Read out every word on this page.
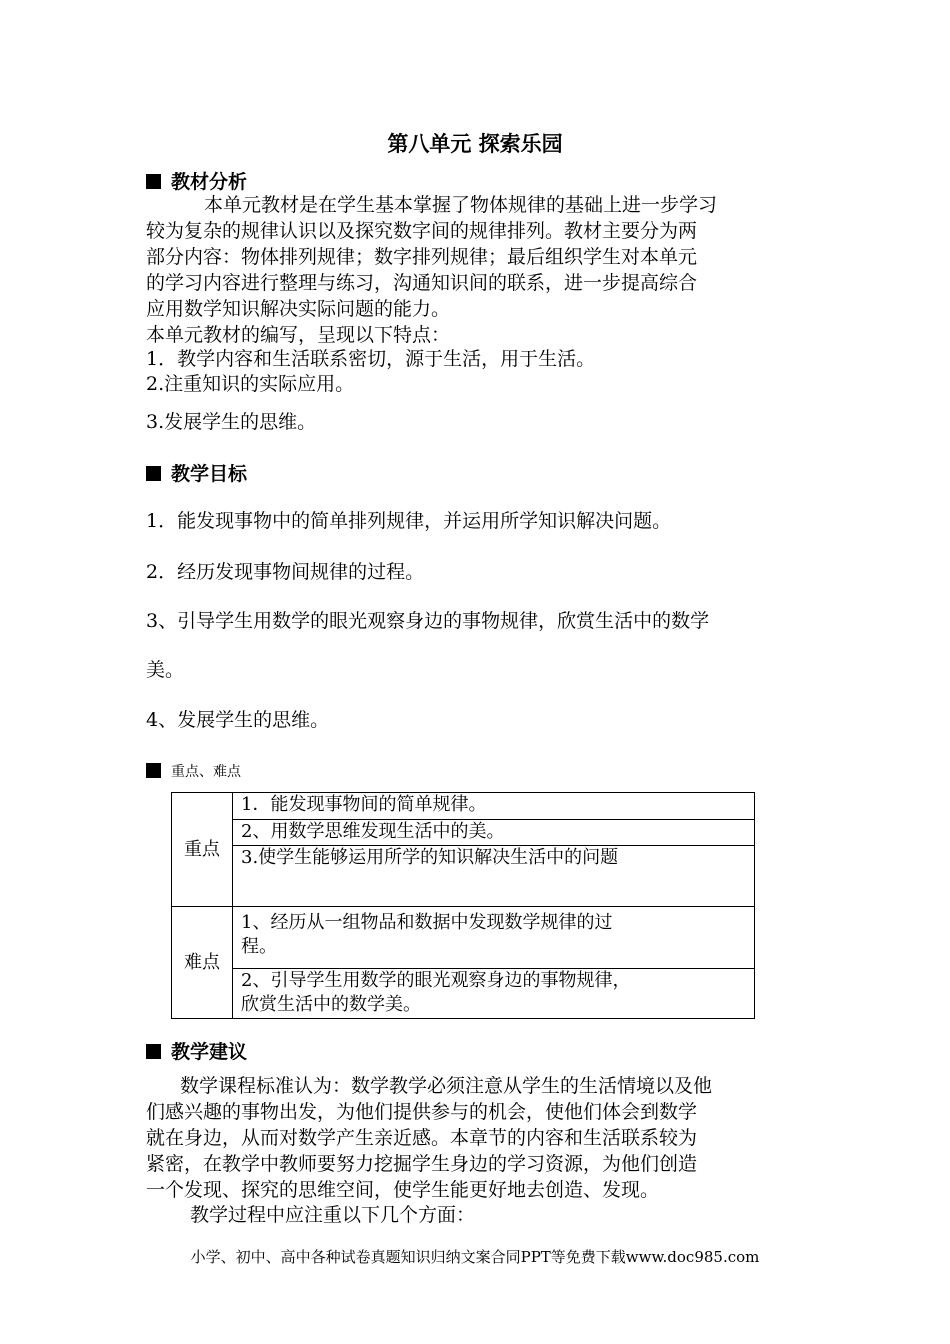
第八单元 探索乐园
教材分析
本单元教材是在学生基本掌握了物体规律的基础上进一步学习
较为复杂的规律认识以及探究数字间的规律排列。教材主要分为两
部分内容：物体排列规律；数字排列规律；最后组织学生对本单元
的学习内容进行整理与练习，沟通知识间的联系，进一步提高综合
应用数学知识解决实际问题的能力。
本单元教材的编写，呈现以下特点：
1．教学内容和生活联系密切，源于生活，用于生活。
2.注重知识的实际应用。
3.发展学生的思维。
教学目标
1．能发现事物中的简单排列规律，并运用所学知识解决问题。
2．经历发现事物间规律的过程。
3、引导学生用数学的眼光观察身边的事物规律，欣赏生活中的数学
美。
4、发展学生的思维。
重点、难点
重点	1．能发现事物间的简单规律。
	2、用数学思维发现生活中的美。
	3.使学生能够运用所学的知识解决生活中的问题
难点	1、经历从一组物品和数据中发现数学规律的过
程。

	2、引导学生用数学的眼光观察身边的事物规律，
欣赏生活中的数学美。
教学建议
数学课程标准认为：数学教学必须注意从学生的生活情境以及他
们感兴趣的事物出发，为他们提供参与的机会，使他们体会到数学
就在身边，从而对数学产生亲近感。本章节的内容和生活联系较为
紧密，在教学中教师要努力挖掘学生身边的学习资源，为他们创造
一个发现、探究的思维空间，使学生能更好地去创造、发现。
教学过程中应注重以下几个方面：
小学、初中、高中各种试卷真题知识归纳文案合同PPT等免费下载www.doc985.com
